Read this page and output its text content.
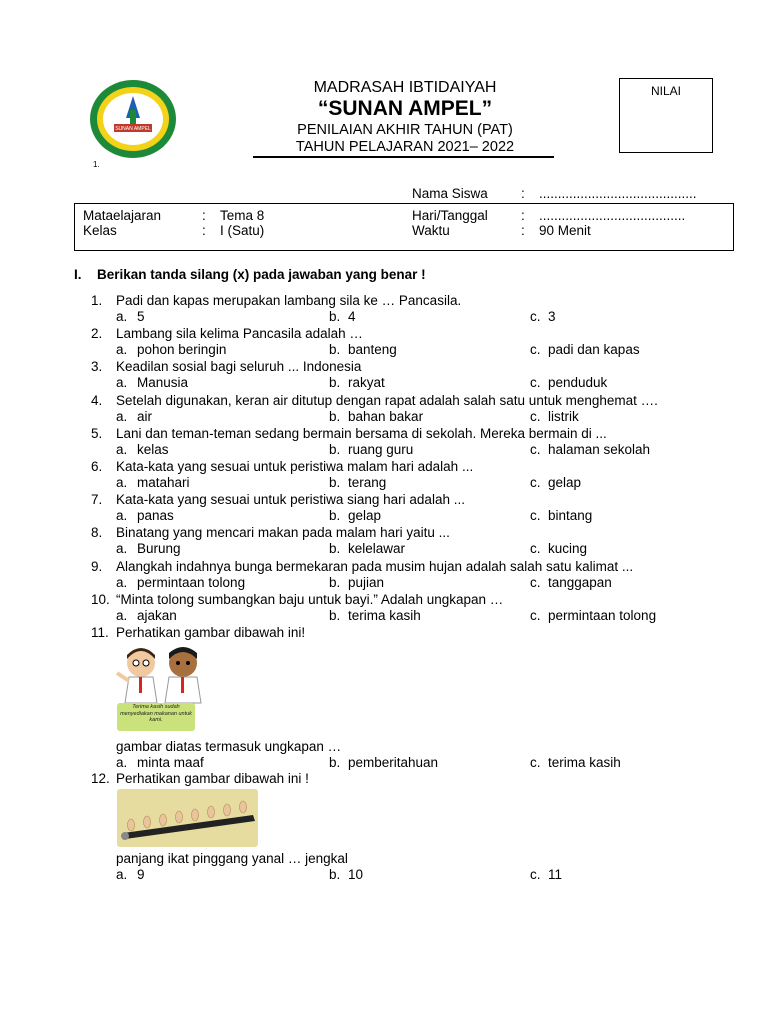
SUNAN AMPEL
MADRASAH IBTIDAIYAH
“SUNAN AMPEL”
PENILAIAN AKHIR TAHUN (PAT)
TAHUN PELAJARAN 2021– 2022
1.
NILAI
Nama Siswa : ..........................................
Mataelajaran	: Tema 8
Kelas	: I (Satu)
Hari/Tanggal : .......................................
Waktu	: 90 Menit
I. Berikan tanda silang (x) pada jawaban yang benar !
1. Padi dan kapas merupakan lambang sila ke … Pancasila.
a. 5	b. 4	c. 3
2. Lambang sila kelima Pancasila adalah …
a. pohon beringin	b. banteng	c. padi dan kapas
3. Keadilan sosial bagi seluruh ... Indonesia
a. Manusia	b. rakyat	c. penduduk
4. Setelah digunakan, keran air ditutup dengan rapat adalah salah satu untuk menghemat ….
a. air	b. bahan bakar	c. listrik
5. Lani dan teman-teman sedang bermain bersama di sekolah. Mereka bermain di ...
a. kelas	b. ruang guru	c. halaman sekolah
6. Kata-kata yang sesuai untuk peristiwa malam hari adalah ...
a. matahari	b. terang	c. gelap
7. Kata-kata yang sesuai untuk peristiwa siang hari adalah ...
a. panas	b. gelap	c. bintang
8. Binatang yang mencari makan pada malam hari yaitu ...
a. Burung	b. kelelawar	c. kucing
9. Alangkah indahnya bunga bermekaran pada musim hujan adalah salah satu kalimat ...
a. permintaan tolong	b. pujian	c. tanggapan
10. “Minta tolong sumbangkan baju untuk bayi.” Adalah ungkapan …
a. ajakan	b. terima kasih	c. permintaan tolong
11. Perhatikan gambar dibawah ini!
Terima kasih sudah menyediakan makanan untuk kami.
gambar diatas termasuk ungkapan …
a. minta maaf	b. pemberitahuan	c. terima kasih
12. Perhatikan gambar dibawah ini !
panjang ikat pinggang yanal … jengkal
a. 9	b. 10	c. 11
